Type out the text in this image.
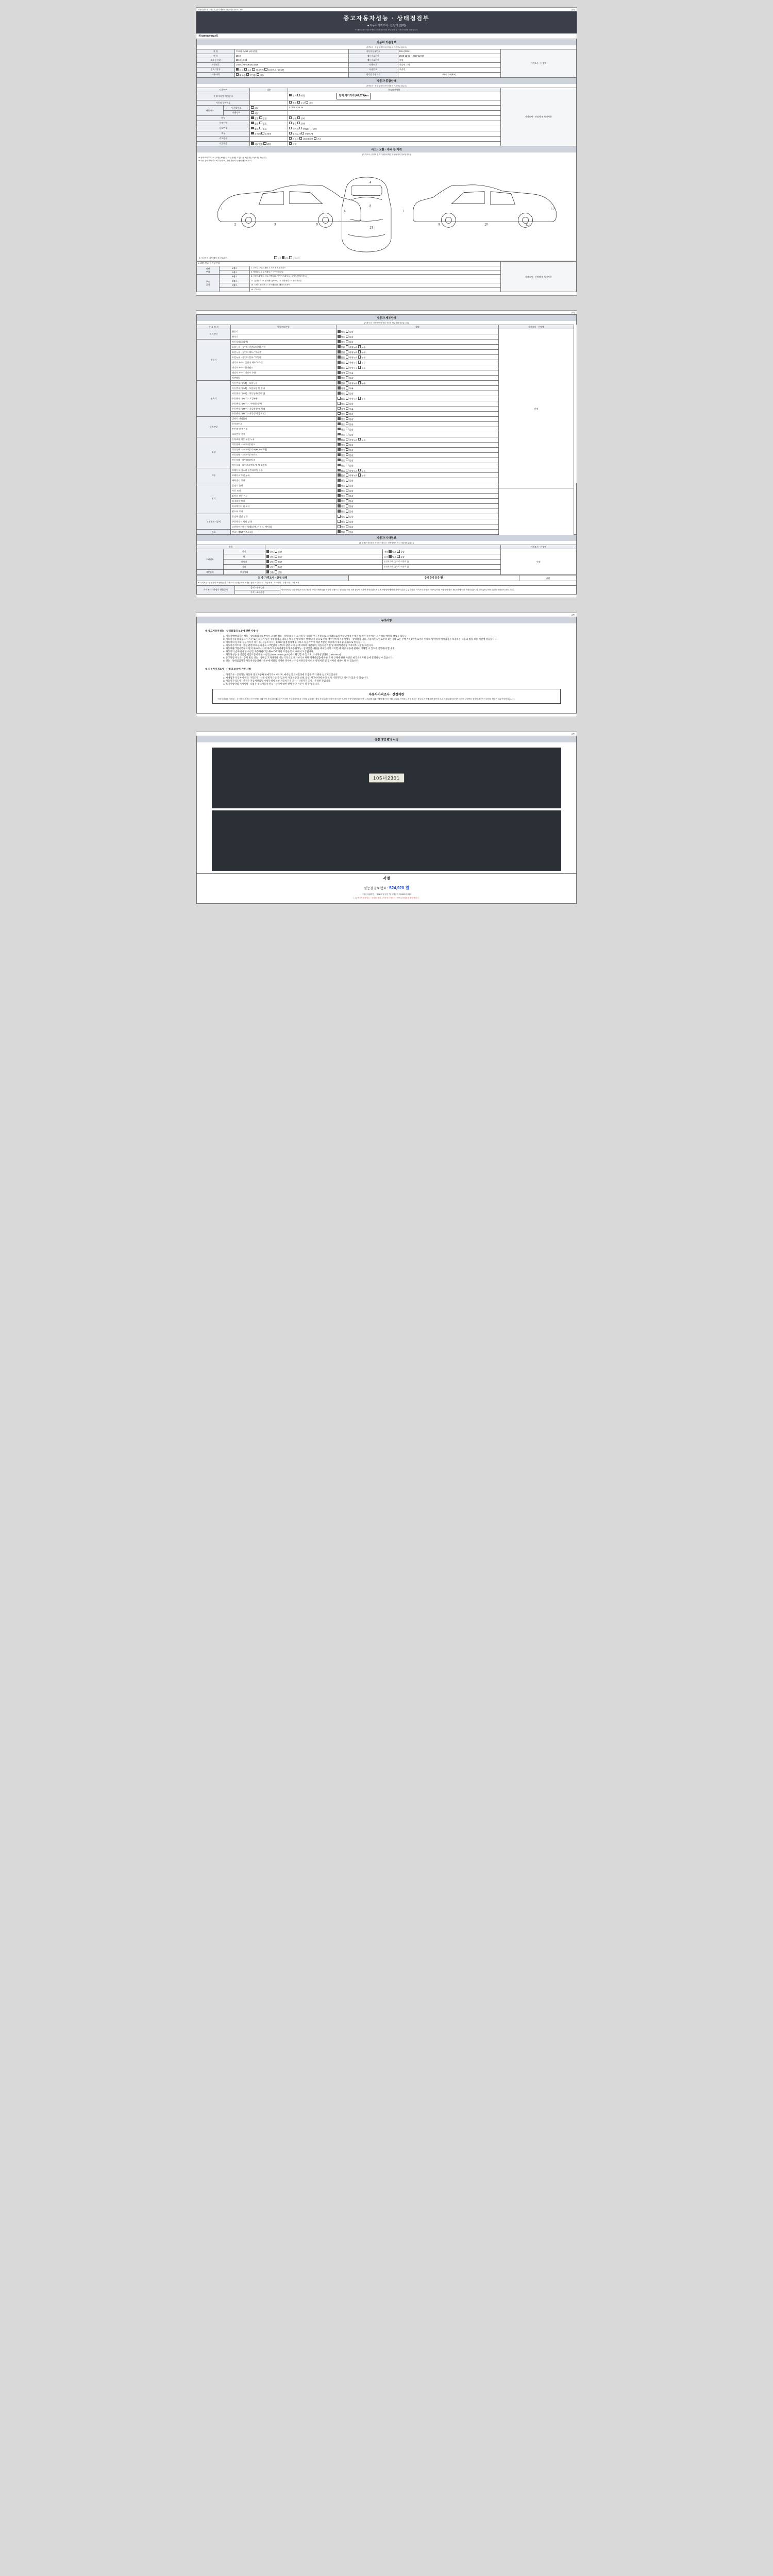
자동차관리법 시행규칙 [별지 제82호의1] <개정 2021.1.15.>	(3쪽)
중고자동차성능 · 상태점검부
■ 자동차가격조사 · 산정액 (선택)
※ 매매업자가 매수인에게 고지한 자동차의 성능·상태 및 가격조사·산정 내용입니다.
제 52001490323호
자동차 기본정보
(가격조사 · 산정 항목이 아닌 자동차 기본정보 입니다.)
차 명	토요타 RAV4 (4주년형 )	자동차등록번호	105너2301	가격조사 · 산정액
연 식	2019	검사유효기간	2025-12-03 ~ 2027-12-02	
최초등록일	2019-12-03	검사유효기간	종합	
차대번호	JTMA1RFV0KD115226	사용연료	가솔린 기타	
변속기종류	자동 수동 세미오토 무단변속기(CVT)	사용연료	가솔린	
사용이력	대여용 영업용 관용	계기상 주행거리	0 0 0 0 0 (km)	
자동차 종합상태
(가격조사 · 산정 항목이 아닌 자동차 기본정보 입니다.)
사용여부		내용	점검내용사항	가격조사 · 산정액 및 특기사항
주행거리 및 계기상태			실제 변경 현재 계기거리 (69,079)km	
자동차 등록번호			멸실 도난 변조	
배출가스	일산화탄소	해당	0.01% 1pm. %	
	탄화수소	해당		
튜닝		없음 있음	구조 장치	
특별이력		없음 있음	침수 화재	
용도변경		없음 있음	대여용 영업용 관용	
색상		무채색 유채색	전체도색 부분도색	
주요옵션			썬루프 내비게이션 기타	
리콜대상		해당없음 해당	이행	
사고 · 교환 · 수리 등 이력
(가격조사 · 산정액 및 특기사항에 따른 자동차 이력 정보입니다.)
※ 상태표시 부호 : X (교환), W (판금 또는 용접), C (부식), A (흠집), U (요철), T (손상)
※ 하단 상태표시 부호에 기준하여, 기타 자동차 상태에 대하여 표기
1
2	3	5
6
4
8
13
7
9	10	11
12
※ 사고이력 (외부/내부 표시입니다)	있음 없음 단순수리
※ 교환, 판금 등 이상 부위			가격조사 · 산정액 및 특기사항
외판
부위	1랭크	1. 후드 2. 프론트휀더 3. 도어 4. 트렁크리드	
	2랭크	5. 쿼터패널 6. 루프패널 7. 사이드실패널	
주요
골격	A랭크	8. 프론트패널 9. 크로스맴버 10. 인사이드패널 11. 사이드멤버(프론트)	
	B랭크	12. 휠하우스 13. 필러패널(A,B,C) 14. 대쉬패널 15. 플로어패널	
	C랭크	16. 트렁크플로어 17. 리어패널 18. 패키지트레이	
		19. 루프레일	

(3쪽)
자동차 세부상태
(가격조사 · 산정 항목이 아닌 자동차 세부상태 정보입니다.)
주 요 장 치	항목/해당부품	상태	가격조사 · 산정액	
자기진단	원동기	양호 불량	인정	
	변속기	양호 불량		
원동기	작동상태(공회전)	양호 불량		
	오일누유 - 실린더 커버(로커암) 커버	없음 미세누유 누유		
	오일누유 - 실린더 헤드 / 가스켓	없음 미세누유 누유		
	오일누유 - 실린더 블록 / 오일팬	없음 미세누유 누유		
	냉각수 누수 - 실린더 헤드/가스켓	없음 미세누수 누수		
	냉각수 누수 - 워터펌프	없음 미세누수 누수		
	냉각수 누수 - 냉각수 수량	적정 부족		
	커먼레일	양호 불량		
변속기	자동변속기(A/T) - 오일누유	없음 미세누유 누유		
	자동변속기(A/T) - 오일유량 및 상태	적정 부족		
	자동변속기(A/T) - 작동상태(공회전)	양호 불량		
	수동변속기(M/T) - 오일누유	없음 미세누유 누유		
	수동변속기(M/T) - 기어변속장치	양호 불량		
	수동변속기(M/T) - 오일유량 및 상태	적정 부족		
	수동변속기(M/T) - 작동상태(공회전)	양호 불량		
동력전달	클러치 어셈블리	양호 불량		
	등속조인트	양호 불량		
	추진축 및 베어링	양호 불량		
	디퍼렌셜 기어	양호 불량		
조향	동력조향 작동 오일 누유	없음 미세누유 누유		
	작동상태 - 스티어링 펌프	양호 불량		
	작동상태 - 스티어링 기어(MDPS포함)	양호 불량		
	작동상태 - 스티어링 조인트	양호 불량		
	작동상태 - 파워crew링크	양호 불량		
	작동상태 - 타이로드엔드 및 볼 조인트	양호 불량		
제동	브레이크 마스터 실린더오일 누유	없음 미세누유 누유		
	브레이크 오일 누유	없음 미세누유 누유		
	배력장치 상태	양호 불량		
전기	발전기 출력	양호 불량		
	시동 모터	양호 불량		
	와이퍼 전동 기능	양호 불량		
	실내송풍 모터	양호 불량		
	라디에이터 팬 모터	양호 불량		
	윈도우 모터	양호 불량		
고전원전기장치	충전구 절연 상태	양호 불량		
	구동축전지 격리 상태	양호 불량		
	고전원전기배선 상태(피복, 커넥터, 케이블)	양호 불량		
연료	연료누출(LP가스포함)	없음 있음		
자동차 기타정보
(※ 항목은 자동차의 자동차가격조사 · 산정항목이 아닌 기타정보입니다.)
항목				가격조사 · 산정액
수리필요	외장	양호 불량	내장 양호 불량	인정
	휠	양호 불량	유리 양호 불량	
	타이어	양호 불량	운전석전/후 [ ] / 조수석전/후 [ ]	
	기타	양호 불량	운전석전/후 [ ] / 조수석전/후 [ ]	
기본품목	보유상태	있음 없음		
최 종 가격조사 · 산정 금액	0 0 0 0 0 0 원	만원
※ 가격조사 · 산정가격 보정방법(위 가격조사 · 산정금액에 포함) : 옵션 + 특별이력 - 성능상태 - 사고이력 - 주행거리 - 기타 보정
가격조사 · 산정가 산출근거	금액 · 내부검사	단순정비 및 도/부속비(소모전부품)의 차이(시세변동)을 포함한 내용으로 성능점검자의 최종 판단에 의하여 작성되었으며 실제 차량상태에 따라 차이가 있을 수 있습니다. 가격조사·산정은 자동차관리법 시행규칙 별표 제125조에 따라 작성되었습니다. 문의 (02) 7000-0000 / 전화건의 1644-0000
가격 · 조사산정

(3쪽)
유의사항
※ 중고자동차성능 · 상태점검의 보증에 관한 사항 등
1. 자동차매매업자는 성능 · 상태점검기록부에서 고지한 성능 · 상태 내용을 교지하지 아니하거나 거짓으로 고지했으로써 매수인에게 손해가 발생한 경우에는 그 손해를 배상할 책임을 집니다.
2. 자동차성능점검장자가 거짓 또는 오류가 있는 성능점검을 내용을 매수인에 대해서 설명/고지 함으로 인해 매수인에게 자동차성능 · 상태점검 내용, 자동차인도일로부터 1년 이내 또는 주행거리 2만킬로미터 이내의 범위에서 매매업자가 보증하는 내용의 법정 보증 기간에 상응합니다.
3. 자동차의 실제와 성능기록이 차기 등, 성능조사지는 1,000 원(점검자에 불구하고 다음각각기 해당 부분은 보증에서 제외됩니다)으로 한정됩니다.
4. 자동차가격조사 · 산정 관련에 따른 내용도 고객(임의 규정)과 관련 고시 등에 의하여 마련되며, 자동차관리법 및 매매계약서상 고지의무 사항을 따릅니다.
5. 자동차관리법시행규칙 별지 제82호서식에 따라 자동차매매업자가 자동차성능 · 상태점검 내용을 매수인에게 고지할 때 해당 내용에 관하여 이해할 수 있도록 설명해야 합니다.
6. 자동차의 손해에 대한 사항은 자동차관리법 제58조에 따라 보증한 범위 내에서 보상됩니다.
7. 자동차성능·상태점검 책임보험에 관한 사항은 (www.car365.go.kr)에서 확인할 수 있으며, 소비자상담센터 (1644-0000)
8. 중고자동차 구조 · 장치 별로 성능 · 상태를 고지하거나 이는 거짓으로 표기하거나 허위 기재하였음에 따른 피해 구제에 관한 사항은 한국소비자원 등에 문의하실 수 있습니다.
9. 성능 · 상태점검자가 자동차성능상태기록부에 허위로 기재한 경우에는 자동차관리법에 따른 행정처분 및 형사처벌 대상이 될 수 있습니다.
※ 자동차가격조사 · 산정의 보증에 관한 사항
1. 가격조사 · 산정가는 자동차 중고자동차 판매가격이 아니며, 매수인의 의사결정에 도움을 주기 위한 참고자료입니다.
2. 매매업자 자동차에 따라 가격조사 · 산정 실제가 다를 수 있으며 기타 차량의 상태, 옵션, 사고이력에 따라 실제 거래가격과 차이가 있을 수 있습니다.
3. 자동차가격조사 · 산정은 자동차관리법 시행규칙에 따른 자동차가격 조사 · 산정자가 조사 · 산정한 것입니다.
4. 특기사항란의 기재사항 · 내용은 중고자동차 성능 · 상태에 대한 전체 판단 기준이 될 수 없습니다.
자동차가격조사 · 산정이란
「자동차관리법 시행령」 상 자동차가격조사·산정이란 매수인이 자동차를 매수하기 이전에 자동차가격조사·산정을 요청하는 경우 자동차매매업자가 자동차가격조사·산정자에게 의뢰하여 그 결과를 매수인에게 제공하는 제도입니다. 가격조사·산정 결과는 중고차 가격에 대한 판단에 참고 자료로 활용하시기 바라며 구매여부 결정에 최종적인 판단의 책임은 매수인에게 있습니다.

(3쪽)
점검 장면 촬영 사진
105너2301
서명
성능점검보험료 : 524,920 원
「자동차관리법」 제58조 및 같은 법 시행규칙 제120조에 따라
[ 1 ] 중고자동차성능 · 상태를 점검, [ 자동차가격조사 · 산정 ] 하였음을 확인합니다.
